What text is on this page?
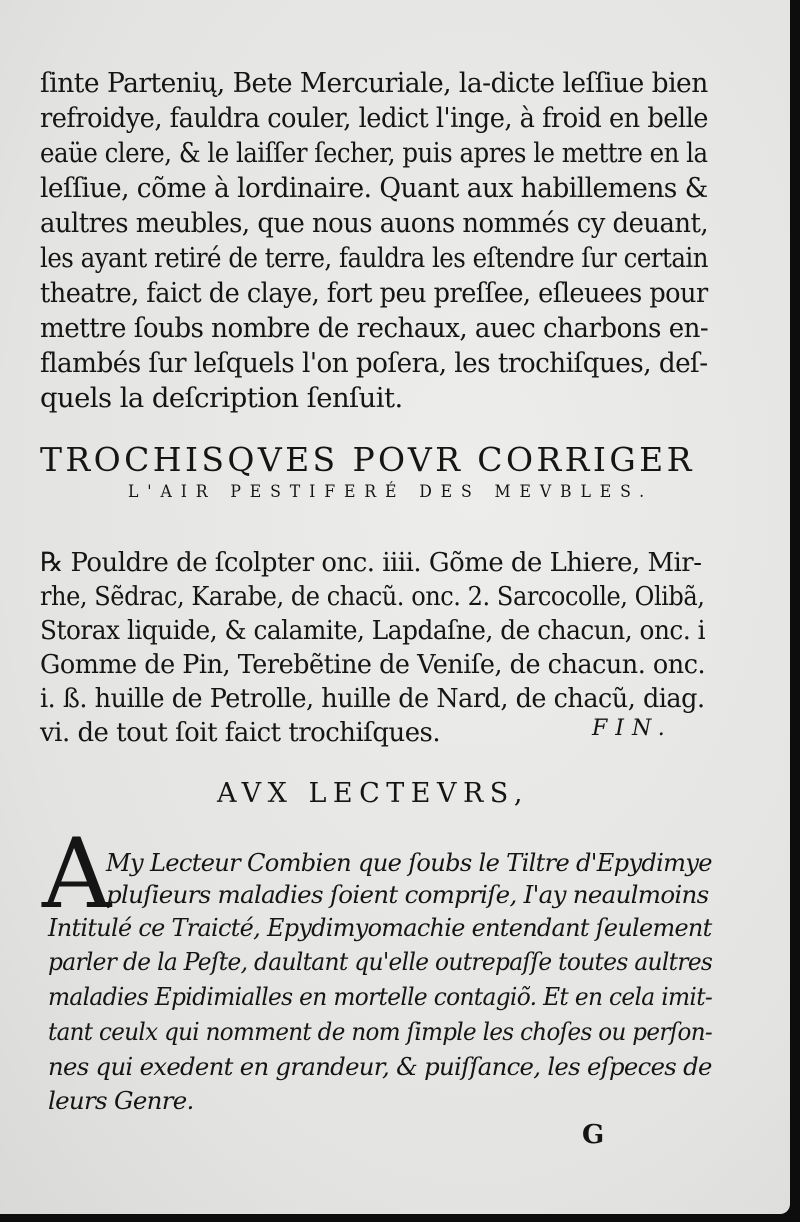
ſinte Partenių, Bete Mercuriale, la-dicte leſſiue bien
refroidye, fauldra couler, ledict l'inge, à froid en belle
eaüe clere, & le laiſſer ſecher, puis apres le mettre en la
leſſiue, cõme à lordinaire. Quant aux habillemens &
aultres meubles, que nous auons nommés cy deuant,
les ayant retiré de terre, fauldra les eſtendre ſur certain
theatre, faict de claye, fort peu preſſee, eſleuees pour
mettre ſoubs nombre de rechaux, auec charbons en-
flambés ſur leſquels l'on poſera, les trochiſques, deſ-
quels la deſcription ſenſuit.
TROCHISQVES POVR CORRIGER
L'AIR PESTIFERÉ DES MEVBLES.
℞ Pouldre de ſcolpter onc. iiii. Gõme de Lhiere, Mir-
rhe, Sẽdrac, Karabe, de chacũ. onc. 2. Sarcocolle, Olibã,
Storax liquide, & calamite, Lapdaſne, de chacun, onc. i
Gomme de Pin, Terebẽtine de Veniſe, de chacun. onc.
i. ß. huille de Petrolle, huille de Nard, de chacũ, diag.
vi. de tout ſoit faict trochiſques.	FIN.
AVX LECTEVRS,
A
My Lecteur Combien que ſoubs le Tiltre d'Epydimye
pluſieurs maladies ſoient compriſe, I'ay neaulmoins
Intitulé ce Traicté, Epydimyomachie entendant ſeulement
parler de la Peſte, daultant qu'elle outrepaſſe toutes aultres
maladies Epidimialles en mortelle contagiõ. Et en cela imit-
tant ceulx qui nomment de nom ſimple les choſes ou perſon-
nes qui exedent en grandeur, & puiſſance, les eſpeces de
leurs Genre.
G
